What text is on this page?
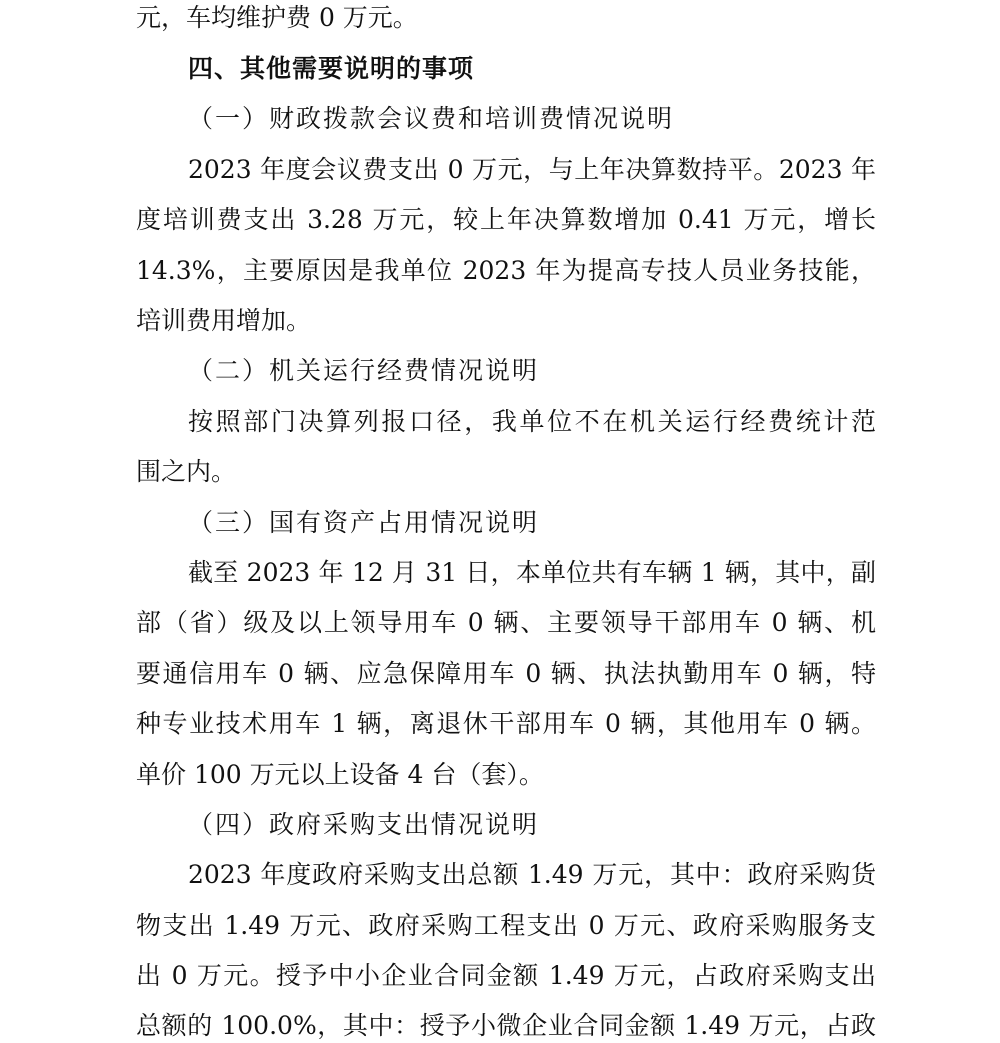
元，车均维护费 0 万元。
四、其他需要说明的事项
（一）财政拨款会议费和培训费情况说明
2023 年度会议费支出 0 万元，与上年决算数持平。2023 年
度培训费支出 3.28 万元，较上年决算数增加 0.41 万元，增长
14.3%，主要原因是我单位 2023 年为提高专技人员业务技能，
培训费用增加。
（二）机关运行经费情况说明
按照部门决算列报口径，我单位不在机关运行经费统计范
围之内。
（三）国有资产占用情况说明
截至 2023 年 12 月 31 日，本单位共有车辆 1 辆，其中，副
部（省）级及以上领导用车 0 辆、主要领导干部用车 0 辆、机
要通信用车 0 辆、应急保障用车 0 辆、执法执勤用车 0 辆，特
种专业技术用车 1 辆，离退休干部用车 0 辆，其他用车 0 辆。
单价 100 万元以上设备 4 台（套）。
（四）政府采购支出情况说明
2023 年度政府采购支出总额 1.49 万元，其中：政府采购货
物支出 1.49 万元、政府采购工程支出 0 万元、政府采购服务支
出 0 万元。授予中小企业合同金额 1.49 万元，占政府采购支出
总额的 100.0%，其中：授予小微企业合同金额 1.49 万元，占政
